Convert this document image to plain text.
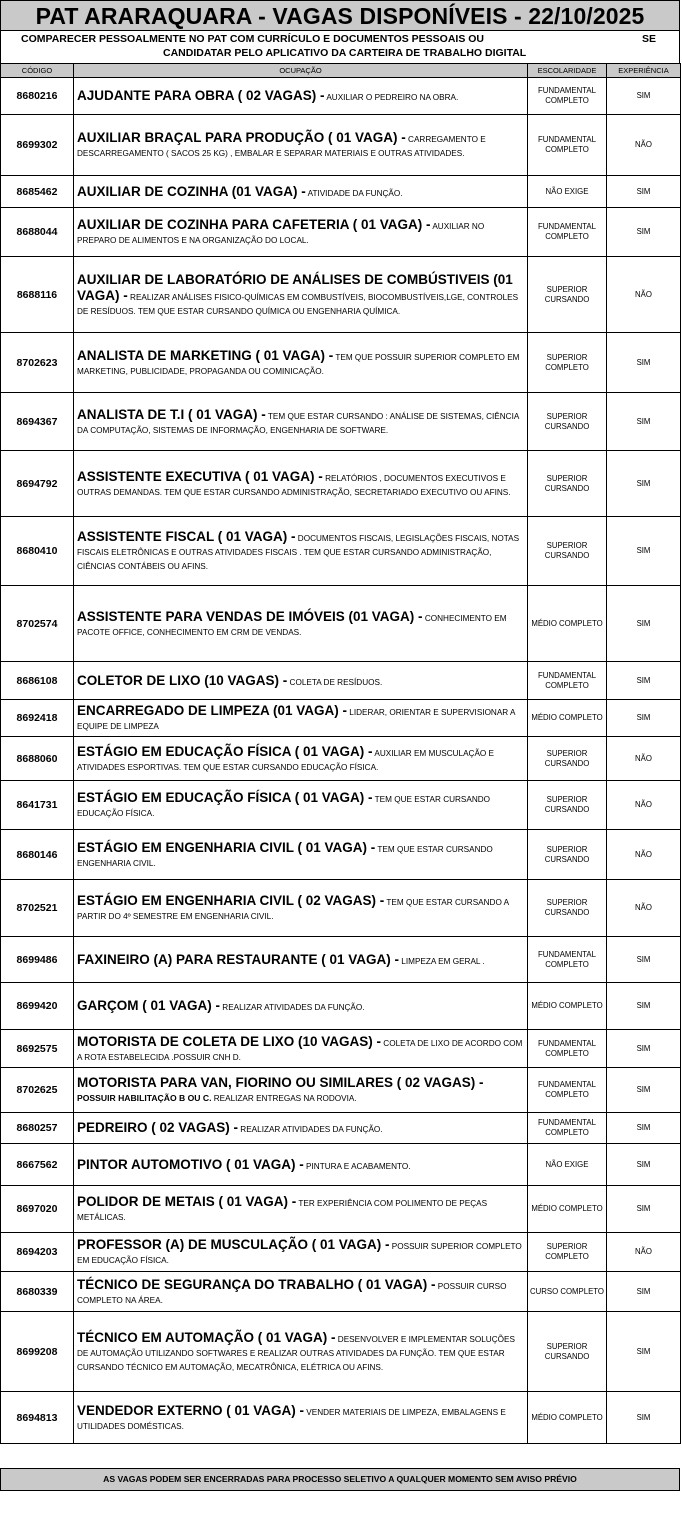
PAT ARARAQUARA - VAGAS DISPONÍVEIS - 22/10/2025
COMPARECER PESSOALMENTE NO PAT COM CURRÍCULO E DOCUMENTOS PESSOAIS OU
CANDIDATAR PELO APLICATIVO DA CARTEIRA DE TRABALHO DIGITAL
SE
CÓDIGO	OCUPAÇÃO	ESCOLARIDADE	EXPERIÊNCIA
8680216	AJUDANTE PARA OBRA ( 02 VAGAS) - AUXILIAR O PEDREIRO NA OBRA.	FUNDAMENTAL COMPLETO	SIM
8699302	AUXILIAR BRAÇAL PARA PRODUÇÃO ( 01 VAGA) - CARREGAMENTO E DESCARREGAMENTO ( SACOS 25 KG) , EMBALAR E SEPARAR MATERIAIS E OUTRAS ATIVIDADES.	FUNDAMENTAL COMPLETO	NÃO
8685462	AUXILIAR DE COZINHA (01 VAGA) - ATIVIDADE DA FUNÇÃO.	NÃO EXIGE	SIM
8688044	AUXILIAR DE COZINHA PARA CAFETERIA ( 01 VAGA) - AUXILIAR NO PREPARO DE ALIMENTOS E NA ORGANIZAÇÃO DO LOCAL.	FUNDAMENTAL COMPLETO	SIM
8688116	AUXILIAR DE LABORATÓRIO DE ANÁLISES DE COMBÚSTIVEIS (01 VAGA) - REALIZAR ANÁLISES FISICO-QUÍMICAS EM COMBUSTÍVEIS, BIOCOMBUSTÍVEIS,LGE, CONTROLES DE RESÍDUOS. TEM QUE ESTAR CURSANDO QUÍMICA OU ENGENHARIA QUÍMICA.	SUPERIOR CURSANDO	NÃO
8702623	ANALISTA DE MARKETING ( 01 VAGA) - TEM QUE POSSUIR SUPERIOR COMPLETO EM MARKETING, PUBLICIDADE, PROPAGANDA OU COMINICAÇÃO.	SUPERIOR COMPLETO	SIM
8694367	ANALISTA DE T.I ( 01 VAGA) - TEM QUE ESTAR CURSANDO : ANÁLISE DE SISTEMAS, CIÊNCIA DA COMPUTAÇÃO, SISTEMAS DE INFORMAÇÃO, ENGENHARIA DE SOFTWARE.	SUPERIOR CURSANDO	SIM
8694792	ASSISTENTE EXECUTIVA ( 01 VAGA) - RELATÓRIOS , DOCUMENTOS EXECUTIVOS E OUTRAS DEMANDAS. TEM QUE ESTAR CURSANDO ADMINISTRAÇÃO, SECRETARIADO EXECUTIVO OU AFINS.	SUPERIOR CURSANDO	SIM
8680410	ASSISTENTE FISCAL ( 01 VAGA) - DOCUMENTOS FISCAIS, LEGISLAÇÕES FISCAIS, NOTAS FISCAIS ELETRÔNICAS E OUTRAS ATIVIDADES FISCAIS . TEM QUE ESTAR CURSANDO ADMINISTRAÇÃO, CIÊNCIAS CONTÁBEIS OU AFINS.	SUPERIOR CURSANDO	SIM
8702574	ASSISTENTE PARA VENDAS DE IMÓVEIS (01 VAGA) - CONHECIMENTO EM PACOTE OFFICE, CONHECIMENTO EM CRM DE VENDAS.	MÉDIO COMPLETO	SIM
8686108	COLETOR DE LIXO (10 VAGAS) - COLETA DE RESÍDUOS.	FUNDAMENTAL COMPLETO	SIM
8692418	ENCARREGADO DE LIMPEZA (01 VAGA) - LIDERAR, ORIENTAR E SUPERVISIONAR A EQUIPE DE LIMPEZA	MÉDIO COMPLETO	SIM
8688060	ESTÁGIO EM EDUCAÇÃO FÍSICA ( 01 VAGA) - AUXILIAR EM MUSCULAÇÃO E ATIVIDADES ESPORTIVAS. TEM QUE ESTAR CURSANDO EDUCAÇÃO FÍSICA.	SUPERIOR CURSANDO	NÃO
8641731	ESTÁGIO EM EDUCAÇÃO FÍSICA ( 01 VAGA) - TEM QUE ESTAR CURSANDO EDUCAÇÃO FÍSICA.	SUPERIOR CURSANDO	NÃO
8680146	ESTÁGIO EM ENGENHARIA CIVIL ( 01 VAGA) - TEM QUE ESTAR CURSANDO ENGENHARIA CIVIL.	SUPERIOR CURSANDO	NÃO
8702521	ESTÁGIO EM ENGENHARIA CIVIL ( 02 VAGAS) - TEM QUE ESTAR CURSANDO A PARTIR DO 4º SEMESTRE EM ENGENHARIA CIVIL.	SUPERIOR CURSANDO	NÃO
8699486	FAXINEIRO (A) PARA RESTAURANTE ( 01 VAGA) - LIMPEZA EM GERAL .	FUNDAMENTAL COMPLETO	SIM
8699420	GARÇOM ( 01 VAGA) - REALIZAR ATIVIDADES DA FUNÇÃO.	MÉDIO COMPLETO	SIM
8692575	MOTORISTA DE COLETA DE LIXO (10 VAGAS) - COLETA DE LIXO DE ACORDO COM A ROTA ESTABELECIDA .POSSUIR CNH D.	FUNDAMENTAL COMPLETO	SIM
8702625	MOTORISTA PARA VAN, FIORINO OU SIMILARES ( 02 VAGAS) -
POSSUIR HABILITAÇÃO B OU C. REALIZAR ENTREGAS NA RODOVIA.	FUNDAMENTAL COMPLETO	SIM
8680257	PEDREIRO ( 02 VAGAS) - REALIZAR ATIVIDADES DA FUNÇÃO.	FUNDAMENTAL COMPLETO	SIM
8667562	PINTOR AUTOMOTIVO ( 01 VAGA) - PINTURA E ACABAMENTO.	NÃO EXIGE	SIM
8697020	POLIDOR DE METAIS ( 01 VAGA) - TER EXPERIÊNCIA COM POLIMENTO DE PEÇAS METÁLICAS.	MÉDIO COMPLETO	SIM
8694203	PROFESSOR (A) DE MUSCULAÇÃO ( 01 VAGA) - POSSUIR SUPERIOR COMPLETO EM EDUCAÇÃO FÍSICA.	SUPERIOR COMPLETO	NÃO
8680339	TÉCNICO DE SEGURANÇA DO TRABALHO ( 01 VAGA) - POSSUIR CURSO COMPLETO NA ÁREA.	CURSO COMPLETO	SIM
8699208	TÉCNICO EM AUTOMAÇÃO ( 01 VAGA) - DESENVOLVER E IMPLEMENTAR SOLUÇÕES DE AUTOMAÇÃO UTILIZANDO SOFTWARES E REALIZAR OUTRAS ATIVIDADES DA FUNÇÃO. TEM QUE ESTAR CURSANDO TÉCNICO EM AUTOMAÇÃO, MECATRÔNICA, ELÉTRICA OU AFINS.	SUPERIOR CURSANDO	SIM
8694813	VENDEDOR EXTERNO ( 01 VAGA) - VENDER MATERIAIS DE LIMPEZA, EMBALAGENS E UTILIDADES DOMÉSTICAS.	MÉDIO COMPLETO	SIM
AS VAGAS PODEM SER ENCERRADAS PARA PROCESSO SELETIVO A QUALQUER MOMENTO SEM AVISO PRÉVIO
